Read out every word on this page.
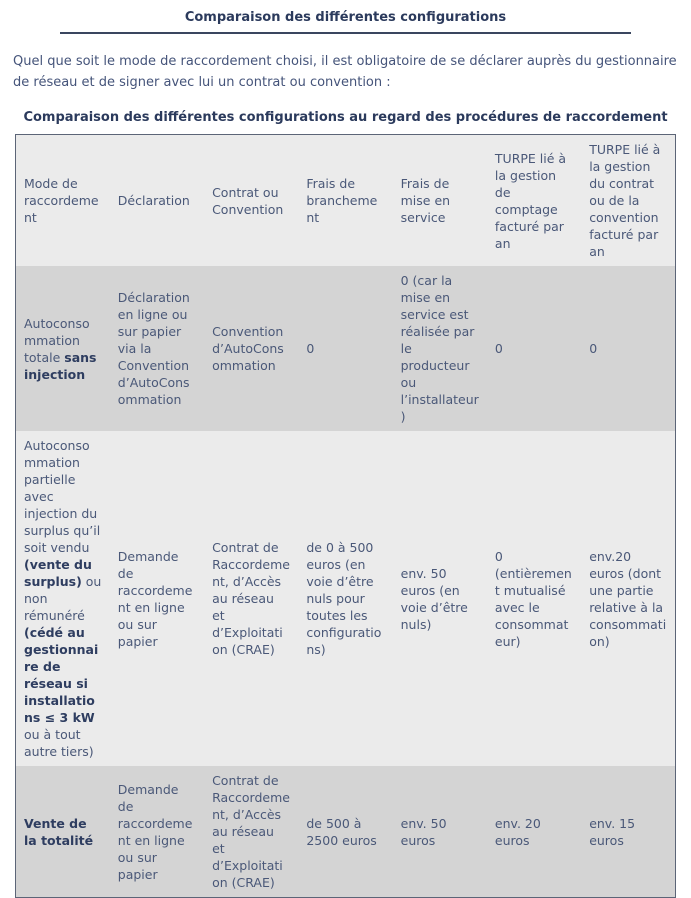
Comparaison des différentes configurations

Quel que soit le mode de raccordement choisi, il est obligatoire de se déclarer auprès du gestionnaire de réseau et de signer avec lui un contrat ou convention :

Comparaison des différentes configurations au regard des procédures de raccordement
Mode de raccordement	Déclaration	Contrat ou Convention	Frais de branchement	Frais de mise en service	TURPE lié à la gestion de comptage facturé par an	TURPE lié à la gestion du contrat ou de la convention facturé par an
Autoconsommation totale sans injection	Déclaration en ligne ou sur papier via la Convention d’AutoConsommation	Convention d’AutoConsommation	0	0 (car la mise en service est réalisée par le producteur ou l’installateur)	0	0
Autoconsommation partielle avec injection du surplus qu’il soit vendu (vente du surplus) ou non rémunéré (cédé au gestionnaire de réseau si installations ≤ 3 kW ou à tout autre tiers)	Demande de raccordement en ligne ou sur papier	Contrat de Raccordement, d’Accès au réseau et d’Exploitation (CRAE)	de 0 à 500 euros (en voie d’être nuls pour toutes les configurations)	env. 50 euros (en voie d’être nuls)	0 (entièrement mutualisé avec le consommateur)	env.20 euros (dont une partie relative à la consommation)
Vente de la totalité	Demande de raccordement en ligne ou sur papier	Contrat de Raccordement, d’Accès au réseau et d’Exploitation (CRAE)	de 500 à 2500 euros	env. 50 euros	env. 20 euros	env. 15 euros
